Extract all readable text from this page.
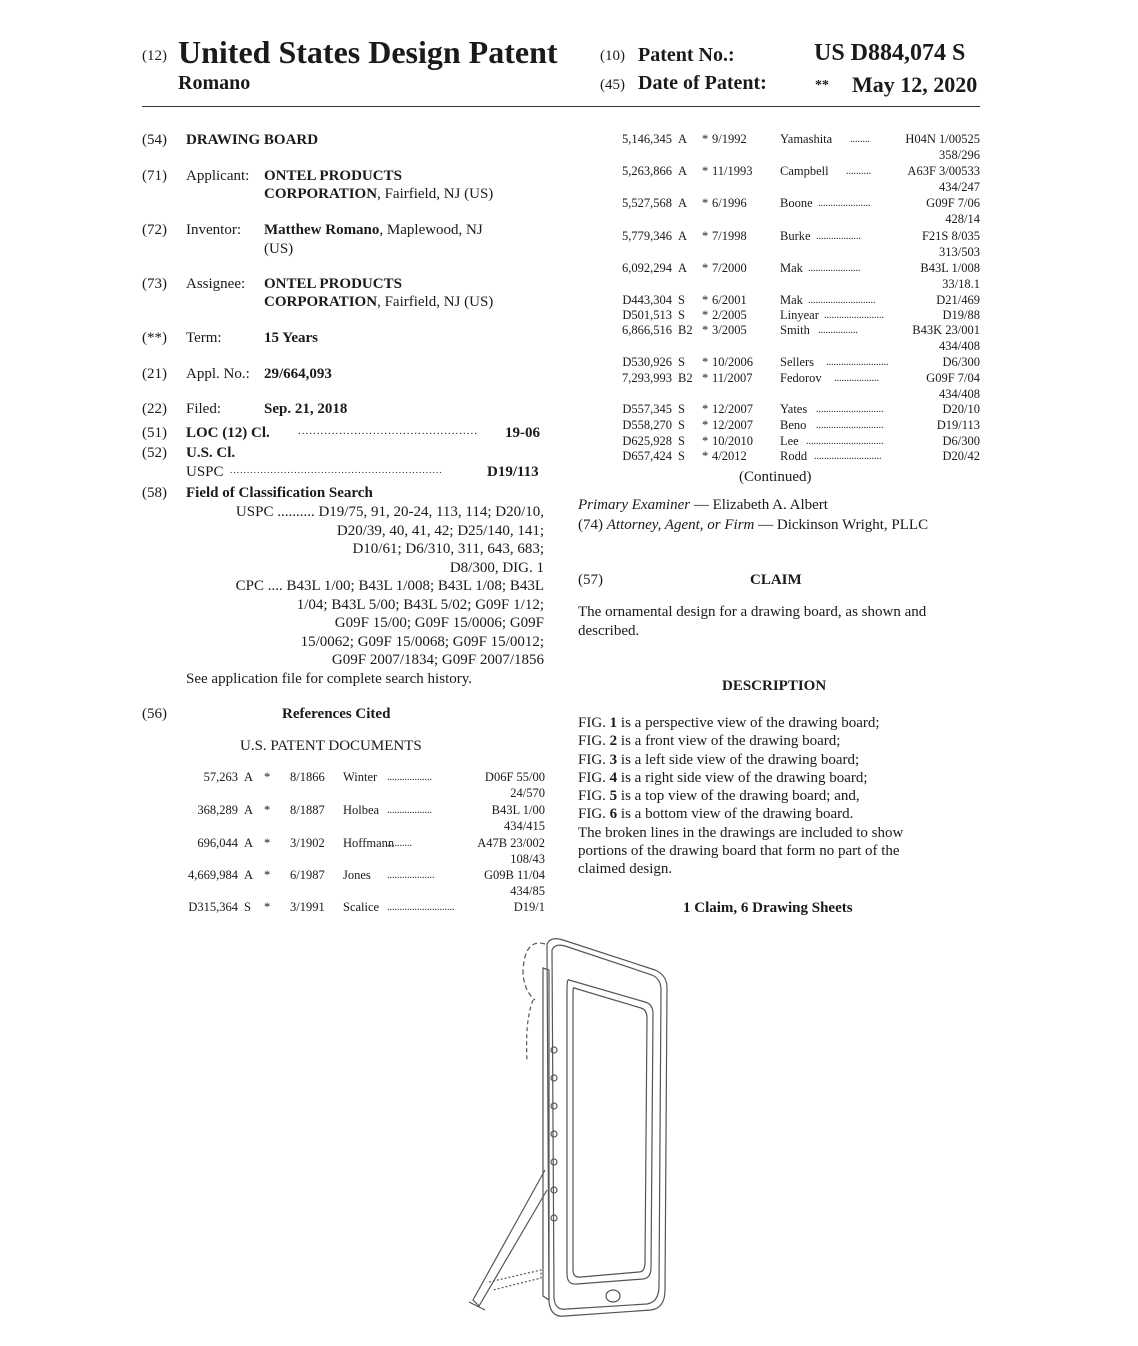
(12) United States Design Patent
Romano
(10) Patent No.:	US D884,074 S
(45) Date of Patent:	** May 12, 2020
(54) DRAWING BOARD
(71) Applicant: ONTEL PRODUCTS
CORPORATION, Fairfield, NJ (US)
(72) Inventor: Matthew Romano, Maplewood, NJ
(US)
(73) Assignee: ONTEL PRODUCTS
CORPORATION, Fairfield, NJ (US)
(**) Term:	15 Years
(21) Appl. No.: 29/664,093
(22) Filed:	Sep. 21, 2018
(51) LOC (12) Cl.	................................................ 19-06
(52) U.S. Cl.
USPC ...............................................................	D19/113
(58) Field of Classification Search
USPC .......... D19/75, 91, 20-24, 113, 114; D20/10,
D20/39, 40, 41, 42; D25/140, 141;
D10/61; D6/310, 311, 643, 683;
D8/300, DIG. 1
CPC .... B43L 1/00; B43L 1/008; B43L 1/08; B43L
1/04; B43L 5/00; B43L 5/02; G09F 1/12;
G09F 15/00; G09F 15/0006; G09F
15/0062; G09F 15/0068; G09F 15/0012;
G09F 2007/1834; G09F 2007/1856
See application file for complete search history.
(56)	References Cited
U.S. PATENT DOCUMENTS
57,263 A * 8/1866 Winter ..................	D06F 55/00
24/570
368,289 A * 8/1887 Holbea ..................	B43L 1/00
434/415
696,044 A * 3/1902 Hoffmann
..........	A47B 23/002
108/43
4,669,984 A * 6/1987 Jones ...................	G09B 11/04
434/85
D315,364 S * 3/1991 Scalice ...........................	D19/1
5,146,345 A * 9/1992	Yamashita ........	H04N 1/00525
358/296
5,263,866 A * 11/1993 Campbell ..........	A63F 3/00533
434/247
5,527,568 A * 6/1996	Boone .....................	G09F 7/06
428/14
5,779,346 A * 7/1998	Burke ..................	F21S 8/035
313/503
6,092,294 A * 7/2000	Mak .....................	B43L 1/008
33/18.1
D443,304 S * 6/2001	Mak ...........................	D21/469
D501,513 S * 2/2005	Linyear ........................	D19/88
6,866,516 B2 * 3/2005	Smith ................	B43K 23/001
434/408
D530,926 S * 10/2006 Sellers .........................	D6/300
7,293,993 B2 * 11/2007 Fedorov ..................	G09F 7/04
434/408
D557,345 S * 12/2007 Yates ...........................	D20/10
D558,270 S * 12/2007 Beno ...........................	D19/113
D625,928 S * 10/2010 Lee ...............................	D6/300
D657,424 S * 4/2012	Rodd ...........................	D20/42
(Continued)
Primary Examiner — Elizabeth A. Albert
(74) Attorney, Agent, or Firm — Dickinson Wright, PLLC
(57)	CLAIM
The ornamental design for a drawing board, as shown and
described.
DESCRIPTION

FIG. 1 is a perspective view of the drawing board;

FIG. 2 is a front view of the drawing board;

FIG. 3 is a left side view of the drawing board;

FIG. 4 is a right side view of the drawing board;

FIG. 5 is a top view of the drawing board; and,

FIG. 6 is a bottom view of the drawing board.

The broken lines in the drawings are included to show

portions of the drawing board that form no part of the

claimed design.

1 Claim, 6 Drawing Sheets
